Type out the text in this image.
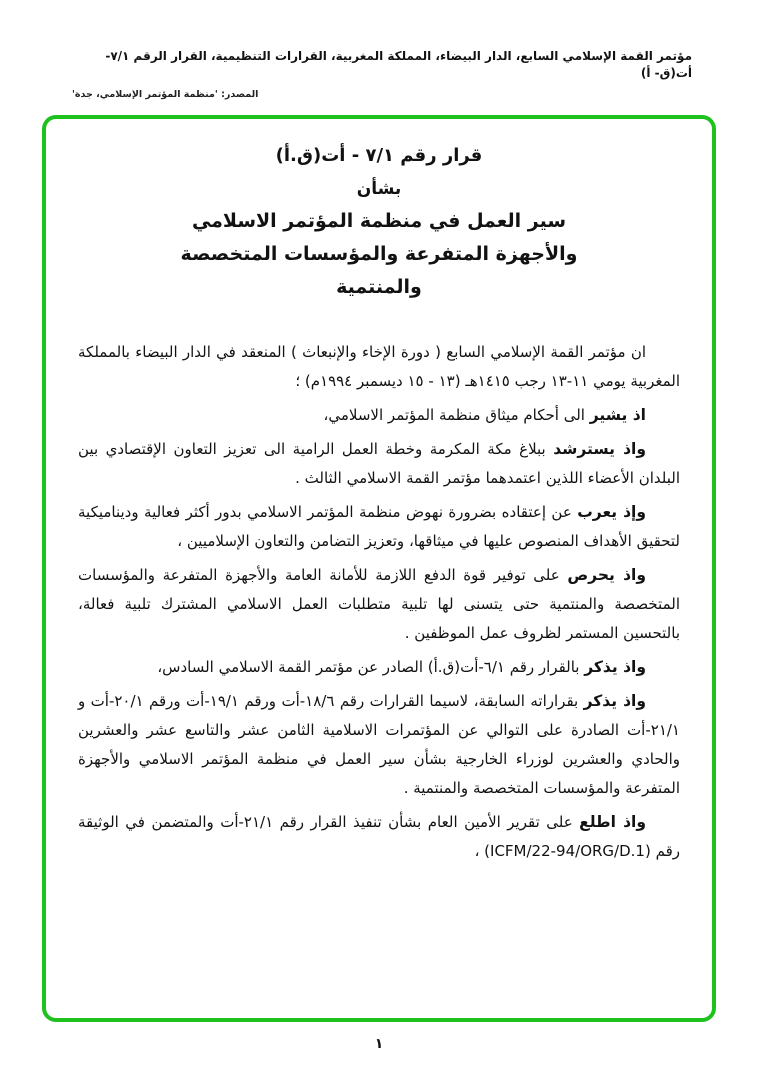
مؤتمر القمة الإسلامي السابع، الدار البيضاء، المملكة المغربية، القرارات التنظيمية، القرار الرقم ٧/١- أت(ق- أ)
المصدر: 'منظمة المؤتمر الإسلامي، جدة'
قرار رقم ٧/١ - أت(ق.أ)
بشأن
سير العمل في منظمة المؤتمر الاسلامي
والأجهزة المتفرعة والمؤسسات المتخصصة
والمنتمية

ان مؤتمر القمة الإسلامي السابع ( دورة الإخاء والإنبعاث ) المنعقد في الدار البيضاء بالمملكة المغربية يومي ١١-١٣ رجب ١٤١٥هـ (١٣ - ١٥ ديسمبر ١٩٩٤م) ؛

اذ يشير الى أحكام ميثاق منظمة المؤتمر الاسلامي،

واذ يسترشد ببلاغ مكة المكرمة وخطة العمل الرامية الى تعزيز التعاون الإقتصادي بين البلدان الأعضاء اللذين اعتمدهما مؤتمر القمة الاسلامي الثالث .

وإذ يعرب عن إعتقاده بضرورة نهوض منظمة المؤتمر الاسلامي بدور أكثر فعالية وديناميكية لتحقيق الأهداف المنصوص عليها في ميثاقها، وتعزيز التضامن والتعاون الإسلاميين ،

واذ يحرص على توفير قوة الدفع اللازمة للأمانة العامة والأجهزة المتفرعة والمؤسسات المتخصصة والمنتمية حتى يتسنى لها تلبية متطلبات العمل الاسلامي المشترك تلبية فعالة، بالتحسين المستمر لظروف عمل الموظفين .

واذ يذكر بالقرار رقم ٦/١-أت(ق.أ) الصادر عن مؤتمر القمة الاسلامي السادس،

واذ يذكر بقراراته السابقة، لاسيما القرارات رقم ١٨/٦-أت ورقم ١٩/١-أت ورقم ٢٠/١-أت و ٢١/١-أت الصادرة على التوالي عن المؤتمرات الاسلامية الثامن عشر والتاسع عشر والعشرين والحادي والعشرين لوزراء الخارجية بشأن سير العمل في منظمة المؤتمر الاسلامي والأجهزة المتفرعة والمؤسسات المتخصصة والمنتمية .

واذ اطلع على تقرير الأمين العام بشأن تنفيذ القرار رقم ٢١/١-أت والمتضمن في الوثيقة رقم (ICFM/22-94/ORG/D.1) ،

١
